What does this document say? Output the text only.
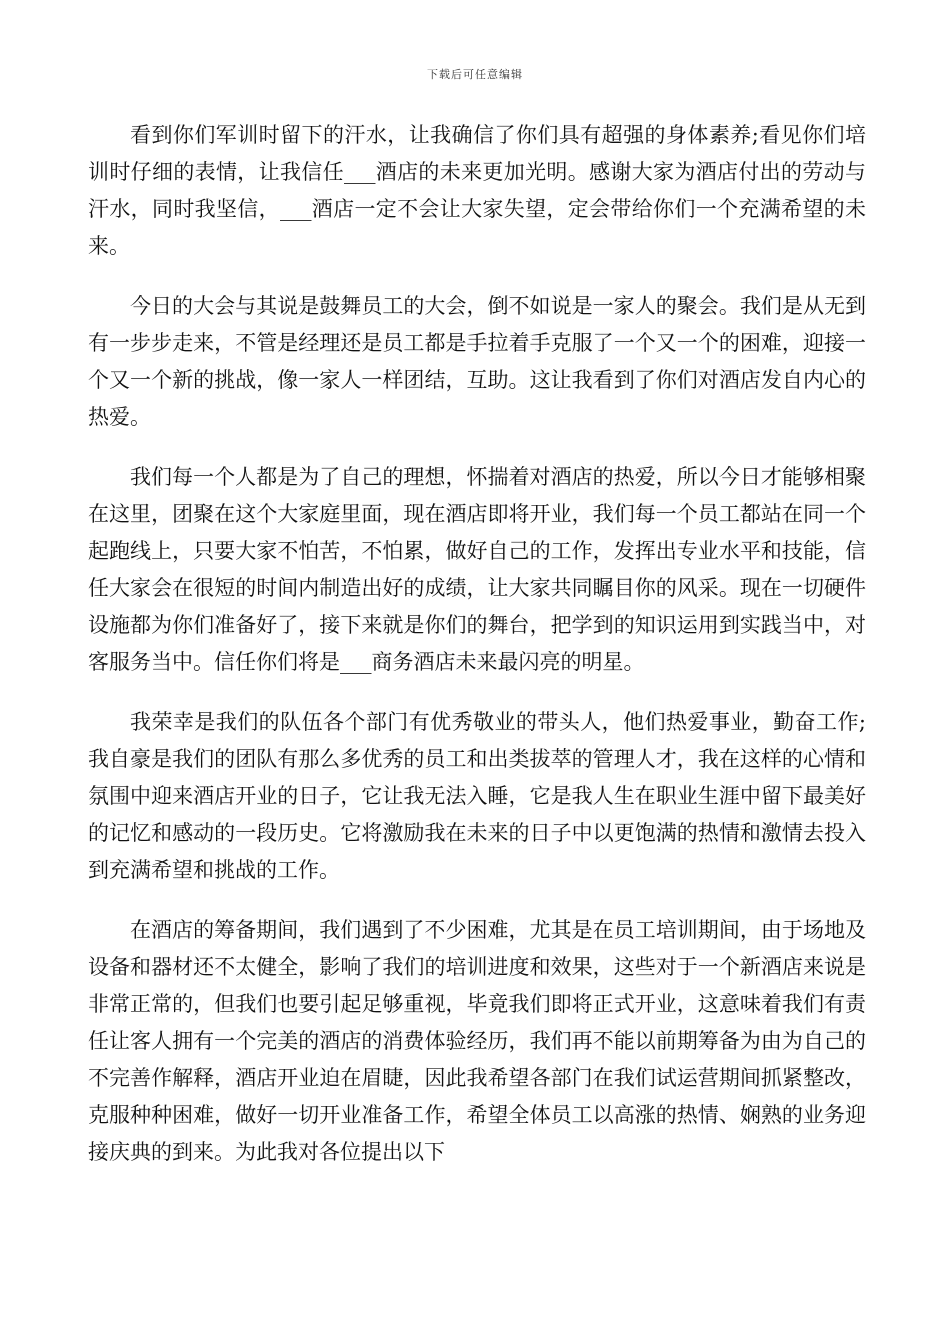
下载后可任意编辑

看到你们军训时留下的汗水，让我确信了你们具有超强的身体素养;看见你们培训时仔细的表情，让我信任___酒店的未来更加光明。感谢大家为酒店付出的劳动与汗水，同时我坚信，___酒店一定不会让大家失望，定会带给你们一个充满希望的未来。

今日的大会与其说是鼓舞员工的大会，倒不如说是一家人的聚会。我们是从无到有一步步走来，不管是经理还是员工都是手拉着手克服了一个又一个的困难，迎接一个又一个新的挑战，像一家人一样团结，互助。这让我看到了你们对酒店发自内心的热爱。

我们每一个人都是为了自己的理想，怀揣着对酒店的热爱，所以今日才能够相聚在这里，团聚在这个大家庭里面，现在酒店即将开业，我们每一个员工都站在同一个起跑线上，只要大家不怕苦，不怕累，做好自己的工作，发挥出专业水平和技能，信任大家会在很短的时间内制造出好的成绩，让大家共同瞩目你的风采。现在一切硬件设施都为你们准备好了，接下来就是你们的舞台，把学到的知识运用到实践当中，对客服务当中。信任你们将是___商务酒店未来最闪亮的明星。

我荣幸是我们的队伍各个部门有优秀敬业的带头人，他们热爱事业，勤奋工作;我自豪是我们的团队有那么多优秀的员工和出类拔萃的管理人才，我在这样的心情和氛围中迎来酒店开业的日子，它让我无法入睡，它是我人生在职业生涯中留下最美好的记忆和感动的一段历史。它将激励我在未来的日子中以更饱满的热情和激情去投入到充满希望和挑战的工作。

在酒店的筹备期间，我们遇到了不少困难，尤其是在员工培训期间，由于场地及设备和器材还不太健全，影响了我们的培训进度和效果，这些对于一个新酒店来说是非常正常的，但我们也要引起足够重视，毕竟我们即将正式开业，这意味着我们有责任让客人拥有一个完美的酒店的消费体验经历，我们再不能以前期筹备为由为自己的不完善作解释，酒店开业迫在眉睫，因此我希望各部门在我们试运营期间抓紧整改，克服种种困难，做好一切开业准备工作，希望全体员工以高涨的热情、娴熟的业务迎接庆典的到来。为此我对各位提出以下
